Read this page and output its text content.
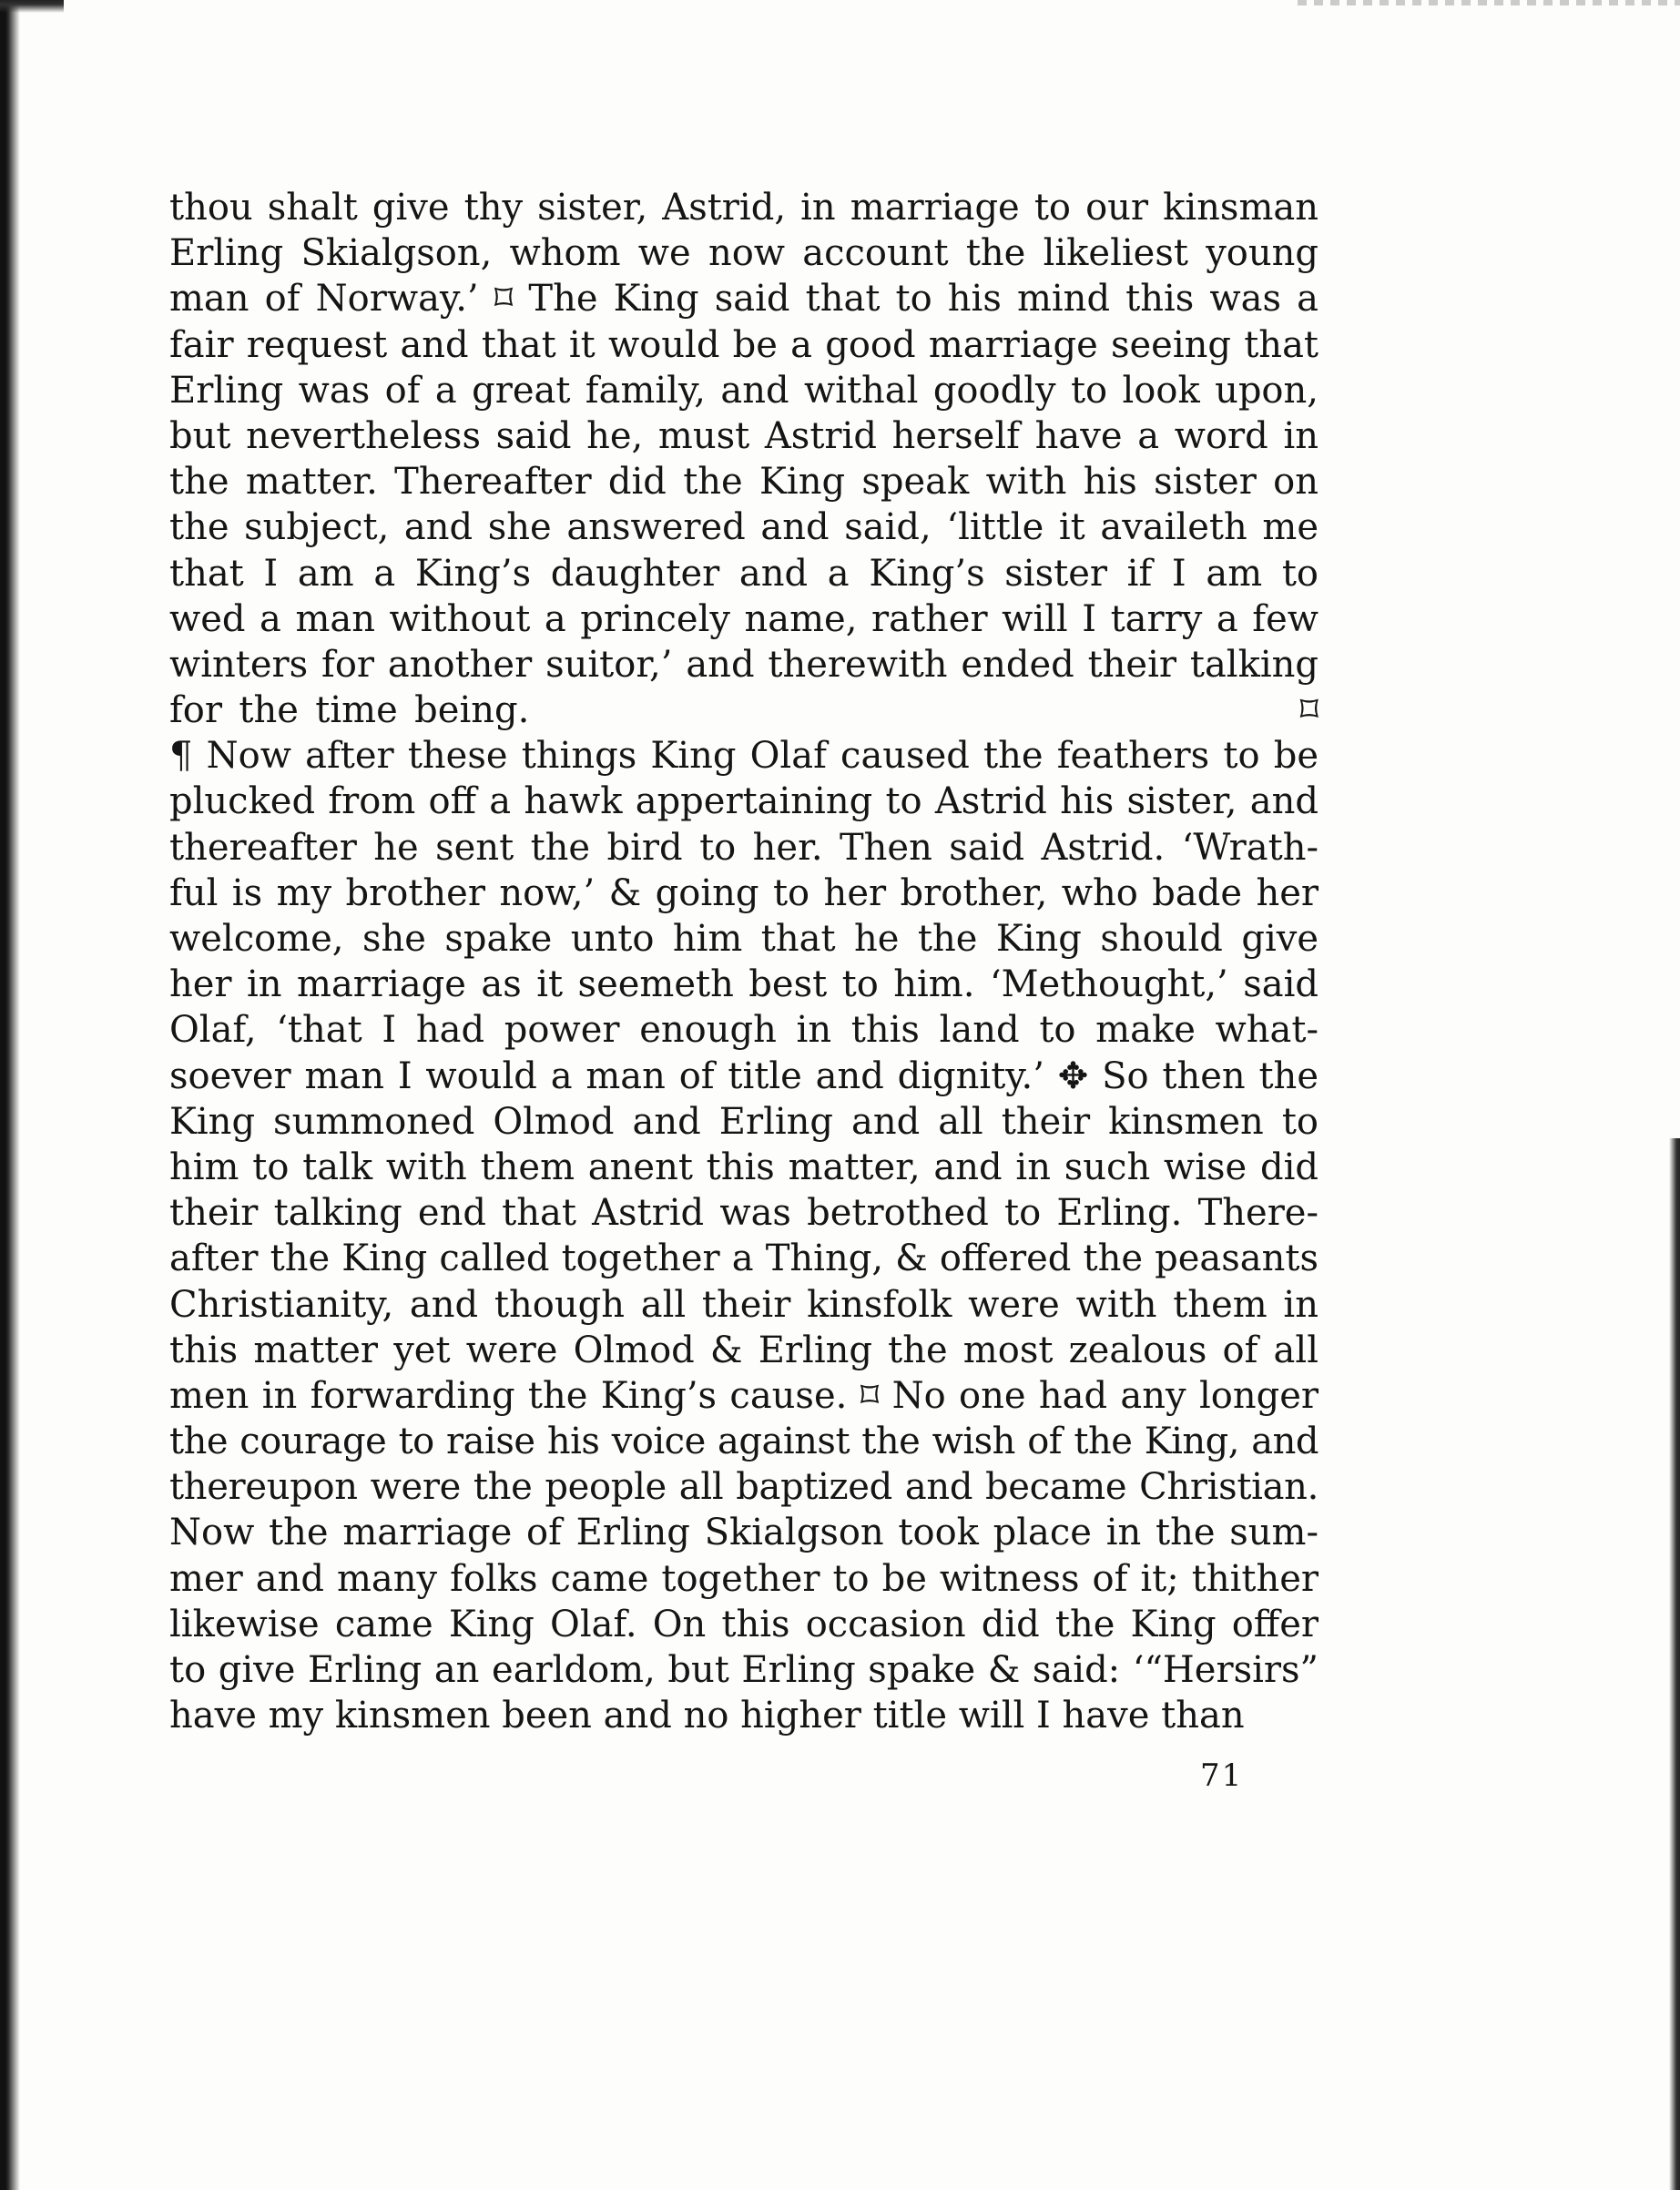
thou shalt give thy sister, Astrid, in marriage to our kinsman
Erling Skialgson, whom we now account the likeliest young
man of Norway.’ ⌑ The King said that to his mind this was a
fair request and that it would be a good marriage seeing that
Erling was of a great family, and withal goodly to look upon,
but nevertheless said he, must Astrid herself have a word in
the matter. Thereafter did the King speak with his sister on
the subject, and she answered and said, ‘little it availeth me
that I am a King’s daughter and a King’s sister if I am to
wed a man without a princely name, rather will I tarry a few
winters for another suitor,’ and therewith ended their talking
for the time being.                                              ⌑
¶ Now after these things King Olaf caused the feathers to be
plucked from off a hawk appertaining to Astrid his sister, and
thereafter he sent the bird to her. Then said Astrid. ‘Wrath-
ful is my brother now,’ & going to her brother, who bade her
welcome, she spake unto him that he the King should give
her in marriage as it seemeth best to him. ‘Methought,’ said
Olaf, ‘that I had power enough in this land to make what-
soever man I would a man of title and dignity.’ ✥ So then the
King summoned Olmod and Erling and all their kinsmen to
him to talk with them anent this matter, and in such wise did
their talking end that Astrid was betrothed to Erling. There-
after the King called together a Thing, & offered the peasants
Christianity, and though all their kinsfolk were with them in
this matter yet were Olmod & Erling the most zealous of all
men in forwarding the King’s cause. ⌑ No one had any longer
the courage to raise his voice against the wish of the King, and
thereupon were the people all baptized and became Christian.
Now the marriage of Erling Skialgson took place in the sum-
mer and many folks came together to be witness of it; thither
likewise came King Olaf. On this occasion did the King offer
to give Erling an earldom, but Erling spake & said: ‘“Hersirs”
have my kinsmen been and no higher title will I have than
71
